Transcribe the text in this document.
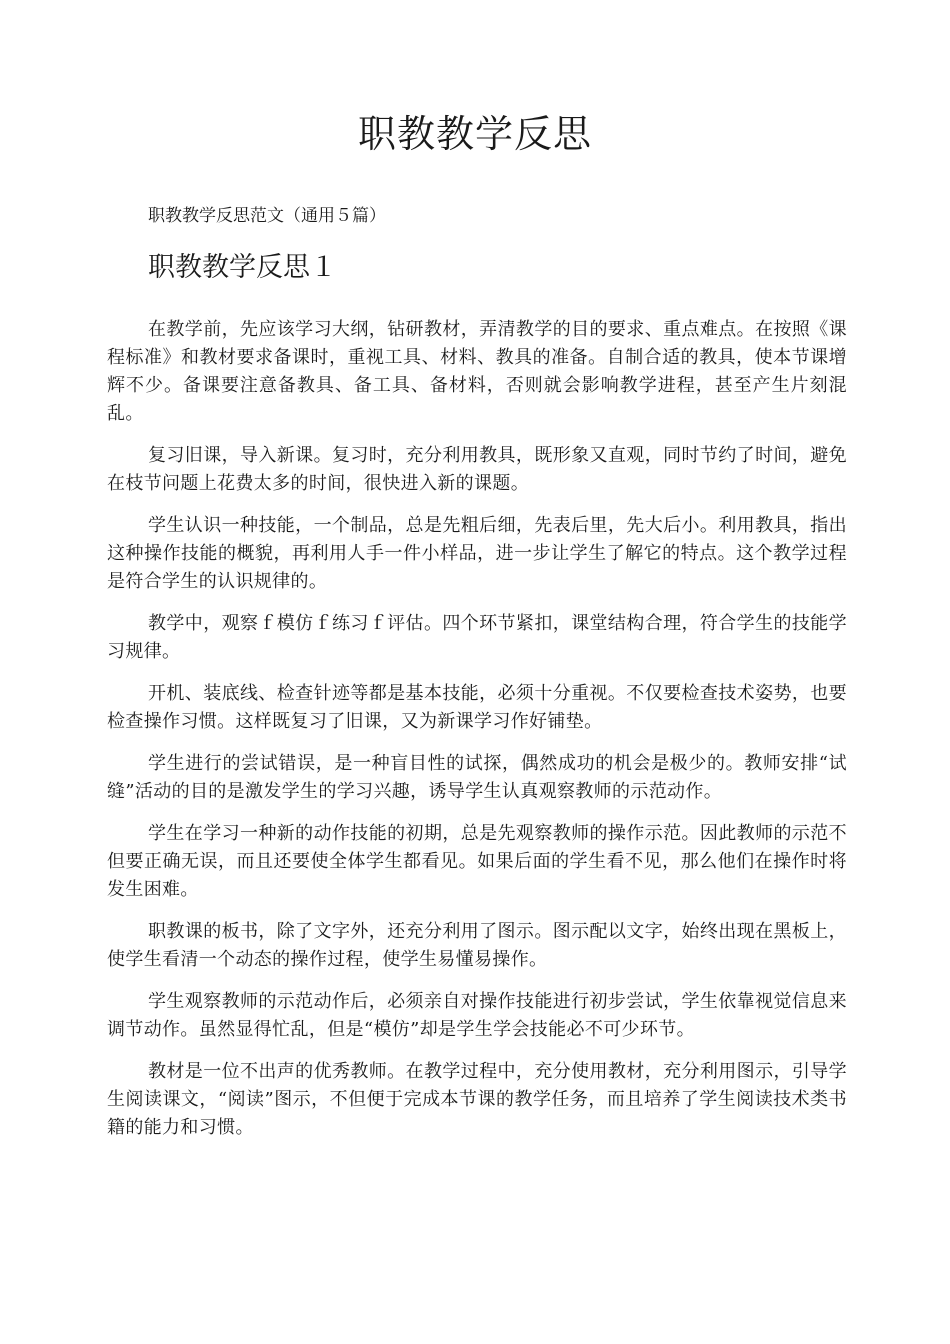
职教教学反思

职教教学反思范文（通用５篇）

职教教学反思１

在教学前，先应该学习大纲，钻研教材，弄清教学的目的要求、重点难点。在按照《课程标准》和教材要求备课时，重视工具、材料、教具的准备。自制合适的教具，使本节课增辉不少。备课要注意备教具、备工具、备材料，否则就会影响教学进程，甚至产生片刻混乱。

复习旧课，导入新课。复习时，充分利用教具，既形象又直观，同时节约了时间，避免在枝节问题上花费太多的时间，很快进入新的课题。

学生认识一种技能，一个制品，总是先粗后细，先表后里，先大后小。利用教具，指出这种操作技能的概貌，再利用人手一件小样品，进一步让学生了解它的特点。这个教学过程是符合学生的认识规律的。

教学中，观察ｆ模仿ｆ练习ｆ评估。四个环节紧扣，课堂结构合理，符合学生的技能学习规律。

开机、装底线、检查针迹等都是基本技能，必须十分重视。不仅要检查技术姿势，也要检查操作习惯。这样既复习了旧课，又为新课学习作好铺垫。

学生进行的尝试错误，是一种盲目性的试探，偶然成功的机会是极少的。教师安排“试缝”活动的目的是激发学生的学习兴趣，诱导学生认真观察教师的示范动作。

学生在学习一种新的动作技能的初期，总是先观察教师的操作示范。因此教师的示范不但要正确无误，而且还要使全体学生都看见。如果后面的学生看不见，那么他们在操作时将发生困难。

职教课的板书，除了文字外，还充分利用了图示。图示配以文字，始终出现在黑板上，使学生看清一个动态的操作过程，使学生易懂易操作。

学生观察教师的示范动作后，必须亲自对操作技能进行初步尝试，学生依靠视觉信息来调节动作。虽然显得忙乱，但是“模仿”却是学生学会技能必不可少环节。

教材是一位不出声的优秀教师。在教学过程中，充分使用教材，充分利用图示，引导学生阅读课文，“阅读”图示，不但便于完成本节课的教学任务，而且培养了学生阅读技术类书籍的能力和习惯。
